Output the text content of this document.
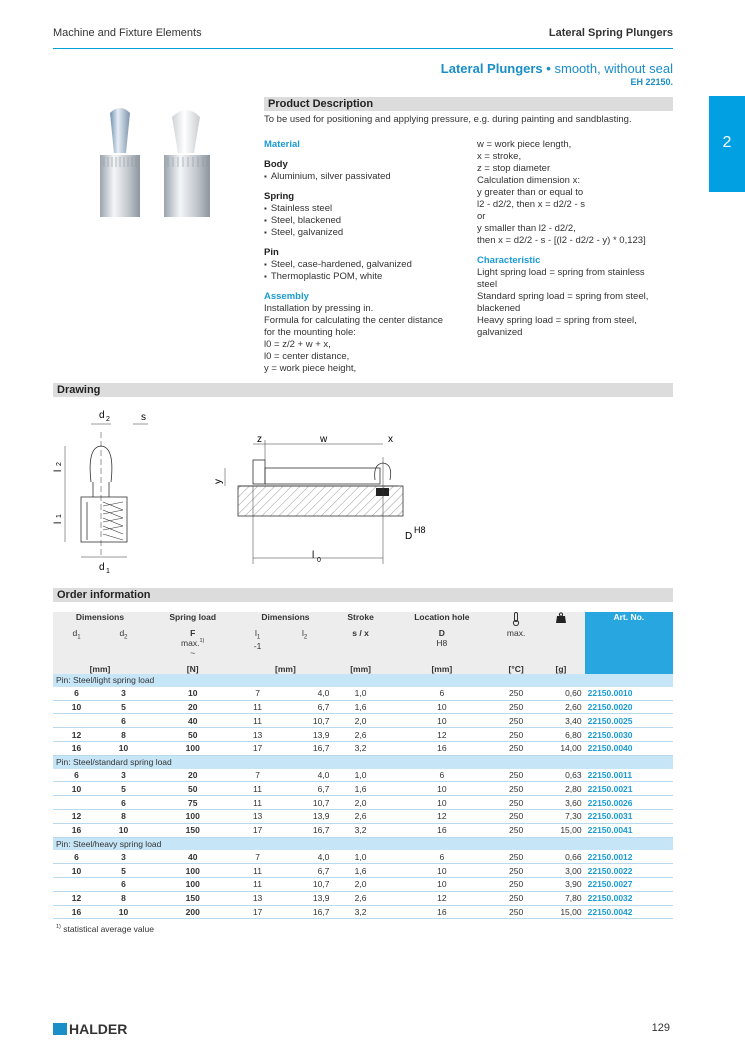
Machine and Fixture Elements	Lateral Spring Plungers
Lateral Plungers • smooth, without seal
EH 22150.
2
Product Description
To be used for positioning and applying pressure, e.g. during painting and sandblasting.
Material
Body
▪ Aluminium, silver passivated
Spring
▪ Stainless steel
▪ Steel, blackened
▪ Steel, galvanized
Pin
▪ Steel, case-hardened, galvanized
▪ Thermoplastic POM, white
Assembly
Installation by pressing in.
Formula for calculating the center distance
for the mounting hole:
l0 = z/2 + w + x,
l0 = center distance,
y = work piece height,
w = work piece length,
x = stroke,
z = stop diameter
Calculation dimension x:
y greater than or equal to
l2 - d2/2, then x = d2/2 - s
or
y smaller than l2 - d2/2,
then x = d2/2 - s - [(l2 - d2/2 - y) * 0,123]
Characteristic
Light spring load = spring from stainless
steel
Standard spring load = spring from steel,
blackened
Heavy spring load = spring from steel,
galvanized
Drawing
d 2	s
l
2
l
1
d 1
z	w	x
y
D
H8
l 0
Order information
Dimensions		Spring load	Dimensions		Stroke	Location hole			Art. No.
$d_1$	$d_2$	F
max.$^{1)}$
~	$l_1$
-1	$l_2$	s / x	D
H8	max.		
[mm]		[N]	[mm]		[mm]	[mm]	[°C]	[g]	
Pin: Steel/light spring load									
6	3	10	7	4,0	1,0	6	250	0,60	22150.0010
10	5	20	11	6,7	1,6	10	250	2,60	22150.0020
	6	40	11	10,7	2,0	10	250	3,40	22150.0025
12	8	50	13	13,9	2,6	12	250	6,80	22150.0030
16	10	100	17	16,7	3,2	16	250	14,00	22150.0040
Pin: Steel/standard spring load									
6	3	20	7	4,0	1,0	6	250	0,63	22150.0011
10	5	50	11	6,7	1,6	10	250	2,80	22150.0021
	6	75	11	10,7	2,0	10	250	3,60	22150.0026
12	8	100	13	13,9	2,6	12	250	7,30	22150.0031
16	10	150	17	16,7	3,2	16	250	15,00	22150.0041
Pin: Steel/heavy spring load									
6	3	40	7	4,0	1,0	6	250	0,66	22150.0012
10	5	100	11	6,7	1,6	10	250	3,00	22150.0022
	6	100	11	10,7	2,0	10	250	3,90	22150.0027
12	8	150	13	13,9	2,6	12	250	7,80	22150.0032
16	10	200	17	16,7	3,2	16	250	15,00	22150.0042
$^{1)}$ statistical average value
HALDER	129
